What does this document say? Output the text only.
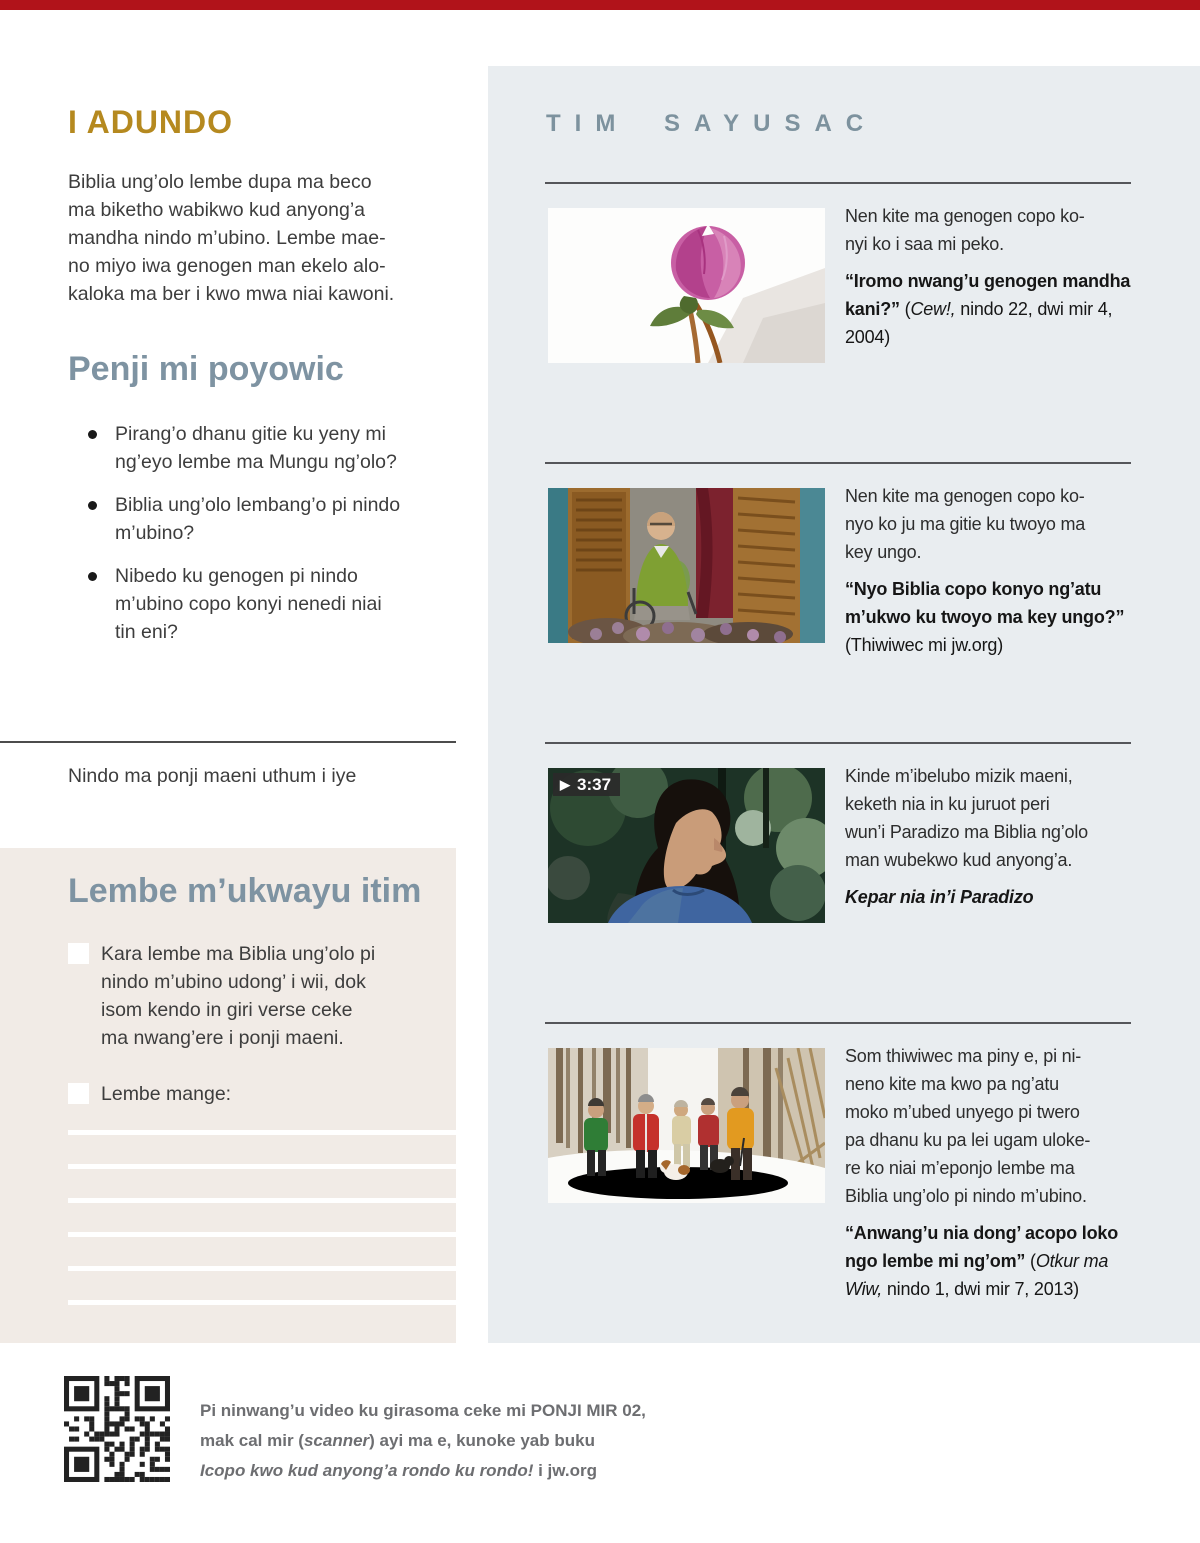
I ADUNDO
Biblia ung’olo lembe dupa ma beco
ma biketho wabikwo kud anyong’a
mandha nindo m’ubino. Lembe mae-
no miyo iwa genogen man ekelo alo-
kaloka ma ber i kwo mwa niai kawoni.
Penji mi poyowic
Pirang’o dhanu gitie ku yeny mi
ng’eyo lembe ma Mungu ng’olo?
Biblia ung’olo lembang’o pi nindo
m’ubino?
Nibedo ku genogen pi nindo
m’ubino copo konyi nenedi niai
tin eni?
Nindo ma ponji maeni uthum i iye
Lembe m’ukwayu itim
Kara lembe ma Biblia ung’olo pi
nindo m’ubino udong’ i wii, dok
isom kendo in giri verse ceke
ma nwang’ere i ponji maeni.
Lembe mange:
TIM SAYUSAC
Nen kite ma genogen copo ko-
nyi ko i saa mi peko.

“Iromo nwang’u genogen mandha kani?” (Cew!, nindo 22, dwi mir 4, 2004)

Nen kite ma genogen copo ko-
nyo ko ju ma gitie ku twoyo ma
key ungo.

“Nyo Biblia copo konyo ng’atu m’ukwo ku twoyo ma key ungo?” (Thiwiwec mi jw.org)

▶ 3:37	Kinde m’ibelubo mizik maeni,
keketh nia in ku juruot peri
wun’i Paradizo ma Biblia ng’olo
man wubekwo kud anyong’a.

Kepar nia in’i Paradizo

Som thiwiwec ma piny e, pi ni-
neno kite ma kwo pa ng’atu
moko m’ubed unyego pi twero
pa dhanu ku pa lei ugam uloke-
re ko niai m’eponjo lembe ma
Biblia ung’olo pi nindo m’ubino.

“Anwang’u nia dong’ acopo loko ngo lembe mi ng’om” (Otkur ma Wiw, nindo 1, dwi mir 7, 2013)

Pi ninwang’u video ku girasoma ceke mi PONJI MIR 02,
mak cal mir (scanner) ayi ma e, kunoke yab buku
Icopo kwo kud anyong’a rondo ku rondo! i jw.org
